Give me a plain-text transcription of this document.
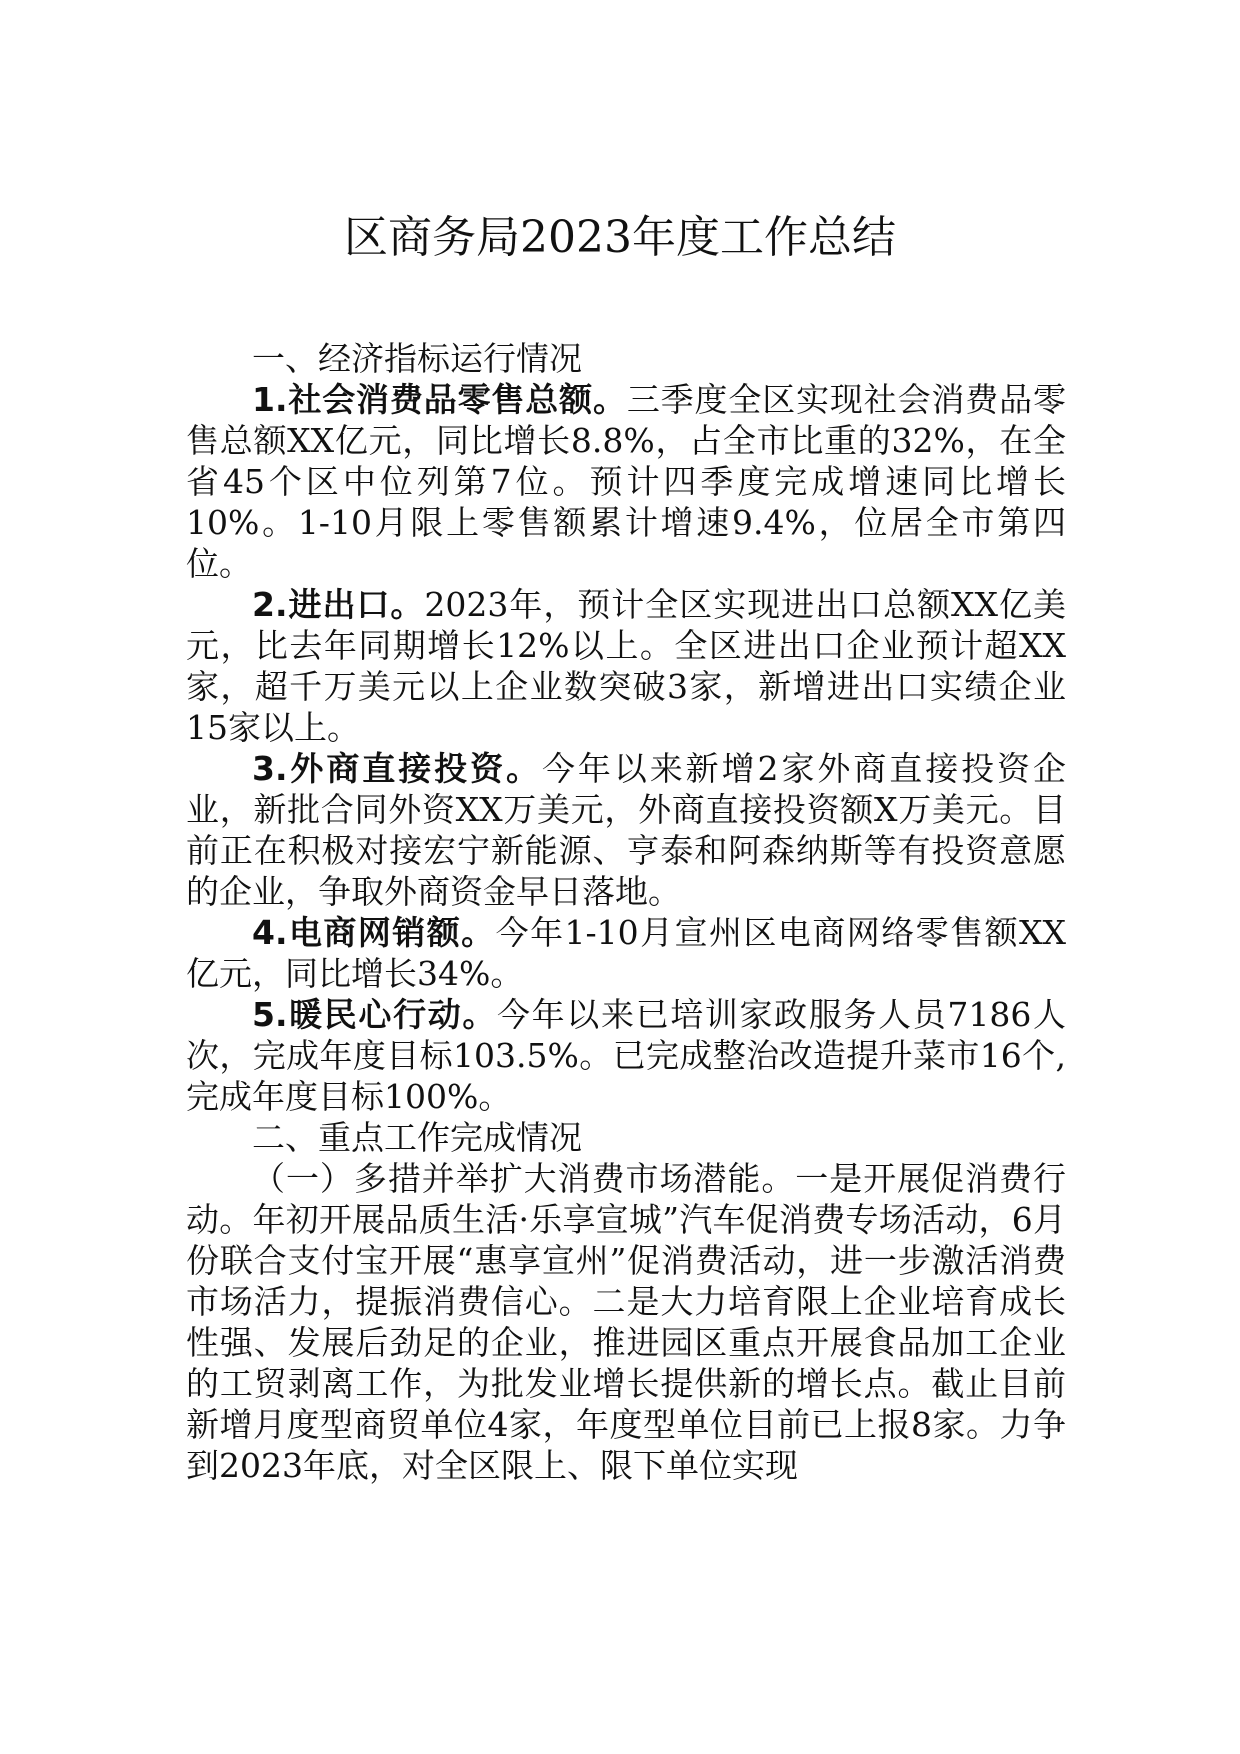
区商务局2023年度工作总结

一、经济指标运行情况

1.社会消费品零售总额。三季度全区实现社会消费品零售总额XX亿元，同比增长8.8%，占全市比重的32%，在全省45个区中位列第7位。预计四季度完成增速同比增长10%。1-10月限上零售额累计增速9.4%，位居全市第四位。

2.进出口。2023年，预计全区实现进出口总额XX亿美元，比去年同期增长12%以上。全区进出口企业预计超XX家，超千万美元以上企业数突破3家，新增进出口实绩企业15家以上。

3.外商直接投资。今年以来新增2家外商直接投资企业，新批合同外资XX万美元，外商直接投资额X万美元。目前正在积极对接宏宁新能源、亨泰和阿森纳斯等有投资意愿的企业，争取外商资金早日落地。

4.电商网销额。今年1-10月宣州区电商网络零售额XX亿元，同比增长34%。

5.暖民心行动。今年以来已培训家政服务人员7186人次，完成年度目标103.5%。已完成整治改造提升菜市16个,完成年度目标100%。

二、重点工作完成情况

（一）多措并举扩大消费市场潜能。一是开展促消费行动。年初开展品质生活·乐享宣城”汽车促消费专场活动，6月份联合支付宝开展“惠享宣州”促消费活动，进一步激活消费市场活力，提振消费信心。二是大力培育限上企业培育成长性强、发展后劲足的企业，推进园区重点开展食品加工企业的工贸剥离工作，为批发业增长提供新的增长点。截止目前新增月度型商贸单位4家，年度型单位目前已上报8家。力争到2023年底，对全区限上、限下单位实现
